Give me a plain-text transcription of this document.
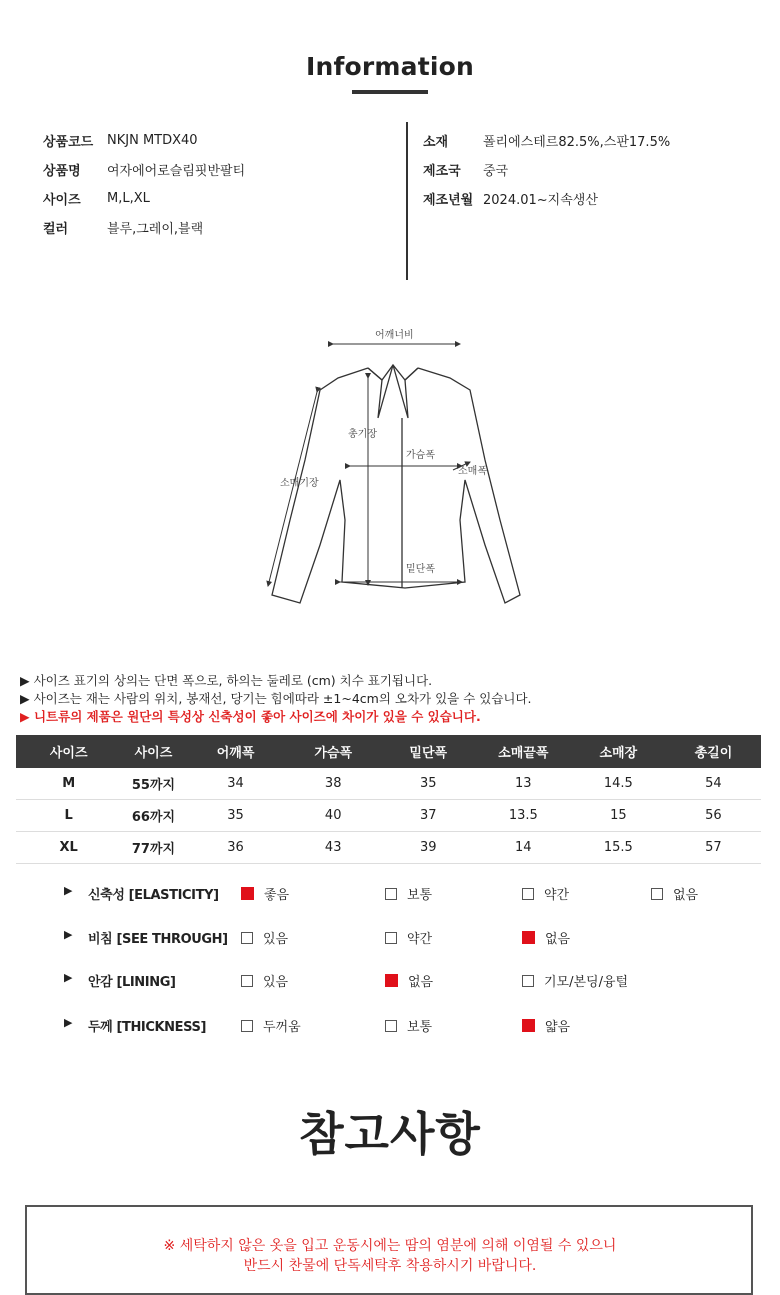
Information
상품코드	NKJN MTDX40
상품명	여자에어로슬림핏반팔티
사이즈	M,L,XL
컬러	블루,그레이,블랙
소재	폴리에스테르82.5%,스판17.5%
제조국	중국
제조년월 2024.01~지속생산
어깨너비
총기장
가슴폭
소매폭
소매기장
밑단폭
▶ 사이즈 표기의 상의는 단면 폭으로, 하의는 둘레로 (cm) 치수 표기됩니다.
▶ 사이즈는 재는 사람의 위치, 봉재선, 당기는 힘에따라 ±1~4cm의 오차가 있을 수 있습니다.
▶ 니트류의 제품은 원단의 특성상 신축성이 좋아 사이즈에 차이가 있을 수 있습니다.
사이즈	사이즈	어깨폭	가슴폭	밑단폭	소매끝폭	소매장	총길이
M	55까지	34	38	35	13	14.5	54
L	66까지	35	40	37	13.5	15	56
XL	77까지	36	43	39	14	15.5	57
▶ 신축성 [ELASTICITY]	좋음	보통	약간	없음
▶ 비침 [SEE THROUGH]	있음	약간	없음
▶ 안감 [LINING]	있음	없음	기모/본딩/융털
▶ 두께 [THICKNESS]	두꺼움	보통	얇음
참고사항
※ 세탁하지 않은 옷을 입고 운동시에는 땀의 염분에 의해 이염될 수 있으니
반드시 찬물에 단독세탁후 착용하시기 바랍니다.
